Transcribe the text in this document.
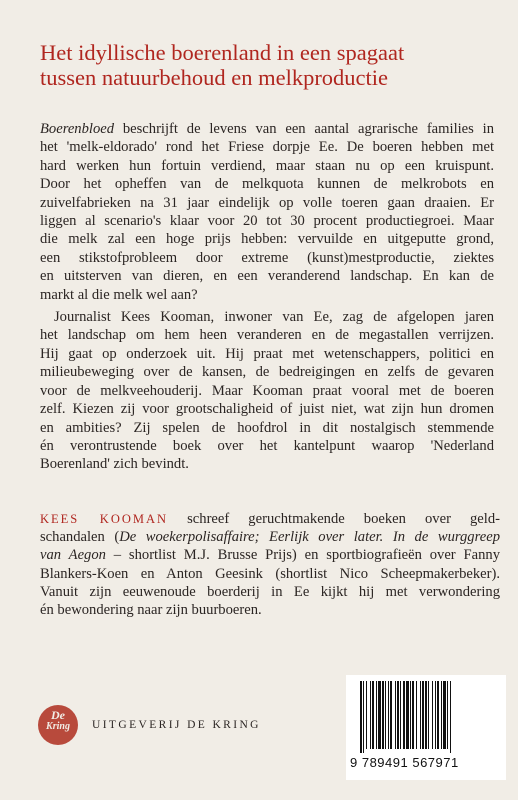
Het idyllische boerenland in een spagaat
tussen natuurbehoud en melkproductie

Boerenbloed beschrijft de levens van een aantal agrarische families in
het 'melk-eldorado' rond het Friese dorpje Ee. De boeren hebben met
hard werken hun fortuin verdiend, maar staan nu op een kruispunt.
Door het opheffen van de melkquota kunnen de melkrobots en
zuivelfabrieken na 31 jaar eindelijk op volle toeren gaan draaien. Er
liggen al scenario's klaar voor 20 tot 30 procent productiegroei. Maar
die melk zal een hoge prijs hebben: vervuilde en uitgeputte grond,
een stikstofprobleem door extreme (kunst)mestproductie, ziektes
en uitsterven van dieren, en een veranderend landschap. En kan de
markt al die melk wel aan?

Journalist Kees Kooman, inwoner van Ee, zag de afgelopen jaren
het landschap om hem heen veranderen en de megastallen verrijzen.
Hij gaat op onderzoek uit. Hij praat met wetenschappers, politici en
milieubeweging over de kansen, de bedreigingen en zelfs de gevaren
voor de melkveehouderij. Maar Kooman praat vooral met de boeren
zelf. Kiezen zij voor grootschaligheid of juist niet, wat zijn hun dromen
en ambities? Zij spelen de hoofdrol in dit nostalgisch stemmende
én verontrustende boek over het kantelpunt waarop 'Nederland
Boerenland' zich bevindt.

KEES KOOMAN schreef geruchtmakende boeken over geld-
schandalen (De woekerpolisaffaire; Eerlijk over later. In de wurggreep
van Aegon – shortlist M.J. Brusse Prijs) en sportbiografieën over Fanny
Blankers-Koen en Anton Geesink (shortlist Nico Scheepmakerbeker).
Vanuit zijn eeuwenoude boerderij in Ee kijkt hij met verwondering
én bewondering naar zijn buurboeren.

De
Kring	UITGEVERIJ DE KRING
9 789491 567971
